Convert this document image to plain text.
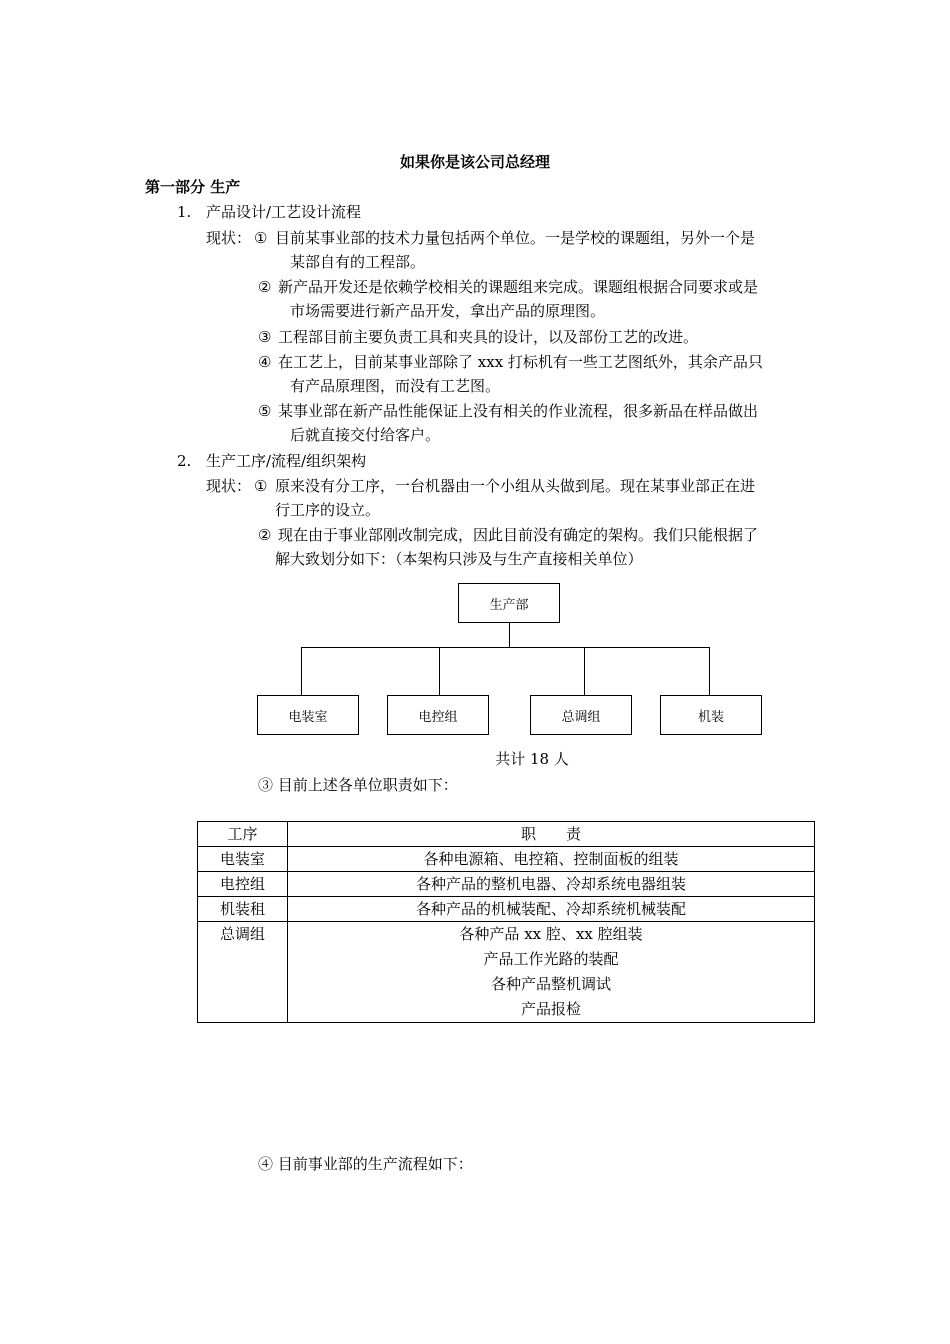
如果你是该公司总经理
第一部分 生产
1. 产品设计/工艺设计流程
现状： ① 目前某事业部的技术力量包括两个单位。一是学校的课题组，另外一个是
某部自有的工程部。
② 新产品开发还是依赖学校相关的课题组来完成。课题组根据合同要求或是
市场需要进行新产品开发，拿出产品的原理图。
③ 工程部目前主要负责工具和夹具的设计，以及部份工艺的改进。
④ 在工艺上，目前某事业部除了 xxx 打标机有一些工艺图纸外，其余产品只
有产品原理图，而没有工艺图。
⑤ 某事业部在新产品性能保证上没有相关的作业流程，很多新品在样品做出
后就直接交付给客户。
2. 生产工序/流程/组织架构
现状： ① 原来没有分工序，一台机器由一个小组从头做到尾。现在某事业部正在进
行工序的设立。
② 现在由于事业部刚改制完成，因此目前没有确定的架构。我们只能根据了
解大致划分如下：（本架构只涉及与生产直接相关单位）
生产部
电装室	电控组	总调组	机装
共计 18 人
③ 目前上述各单位职责如下：
工序	职　　责
电装室	各种电源箱、电控箱、控制面板的组装
电控组	各种产品的整机电器、冷却系统电器组装
机装租	各种产品的机械装配、冷却系统机械装配
总调组	各种产品 xx 腔、xx 腔组装
产品工作光路的装配
各种产品整机调试
产品报检
④ 目前事业部的生产流程如下：
